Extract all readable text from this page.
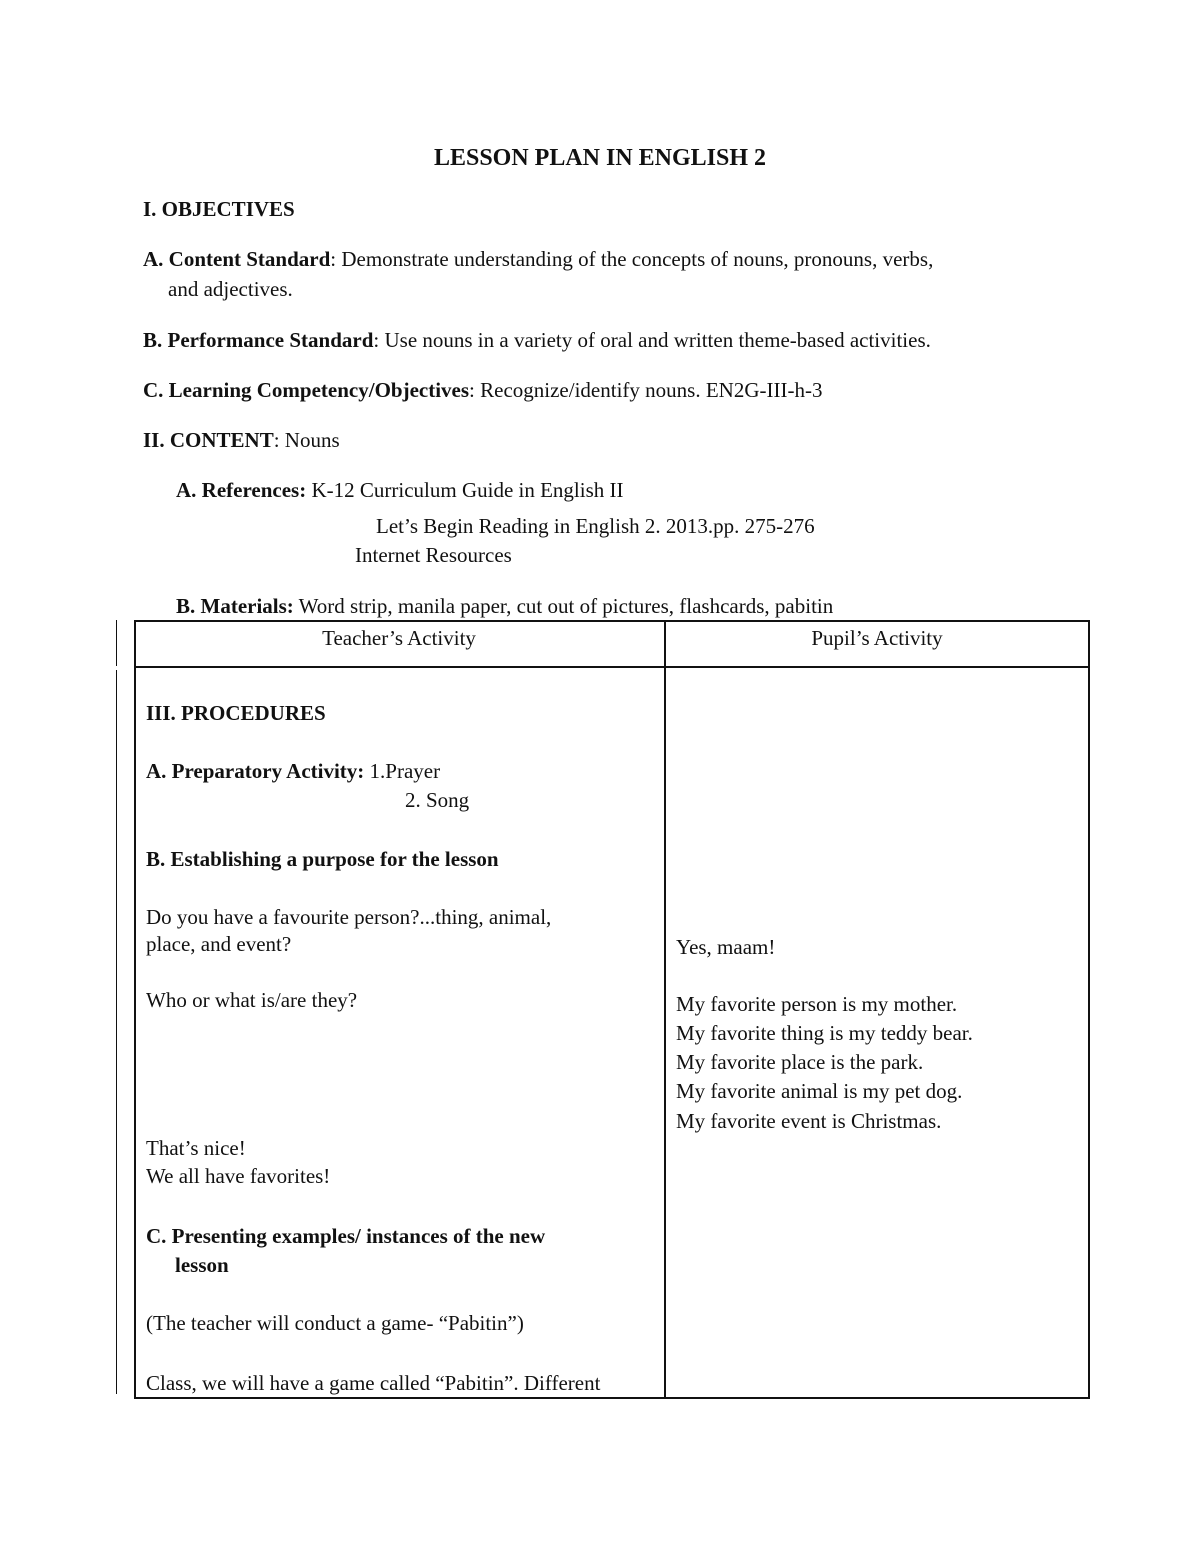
LESSON PLAN IN ENGLISH 2
I. OBJECTIVES
A. Content Standard: Demonstrate understanding of the concepts of nouns, pronouns, verbs,
and adjectives.
B. Performance Standard: Use nouns in a variety of oral and written theme-based activities.
C. Learning Competency/Objectives: Recognize/identify nouns. EN2G-III-h-3
II. CONTENT: Nouns
A. References: K-12 Curriculum Guide in English II
Let’s Begin Reading in English 2. 2013.pp. 275-276
Internet Resources
B. Materials: Word strip, manila paper, cut out of pictures, flashcards, pabitin
Teacher’s Activity	Pupil’s Activity
III. PROCEDURES
A. Preparatory Activity: 1.Prayer
2. Song
B. Establishing a purpose for the lesson
Do you have a favourite person?...thing, animal,
place, and event?
Who or what is/are they?
That’s nice!
We all have favorites!
C. Presenting examples/ instances of the new
lesson
(The teacher will conduct a game- “Pabitin”)
Class, we will have a game called “Pabitin”. Different
Yes, maam!
My favorite person is my mother.
My favorite thing is my teddy bear.
My favorite place is the park.
My favorite animal is my pet dog.
My favorite event is Christmas.
